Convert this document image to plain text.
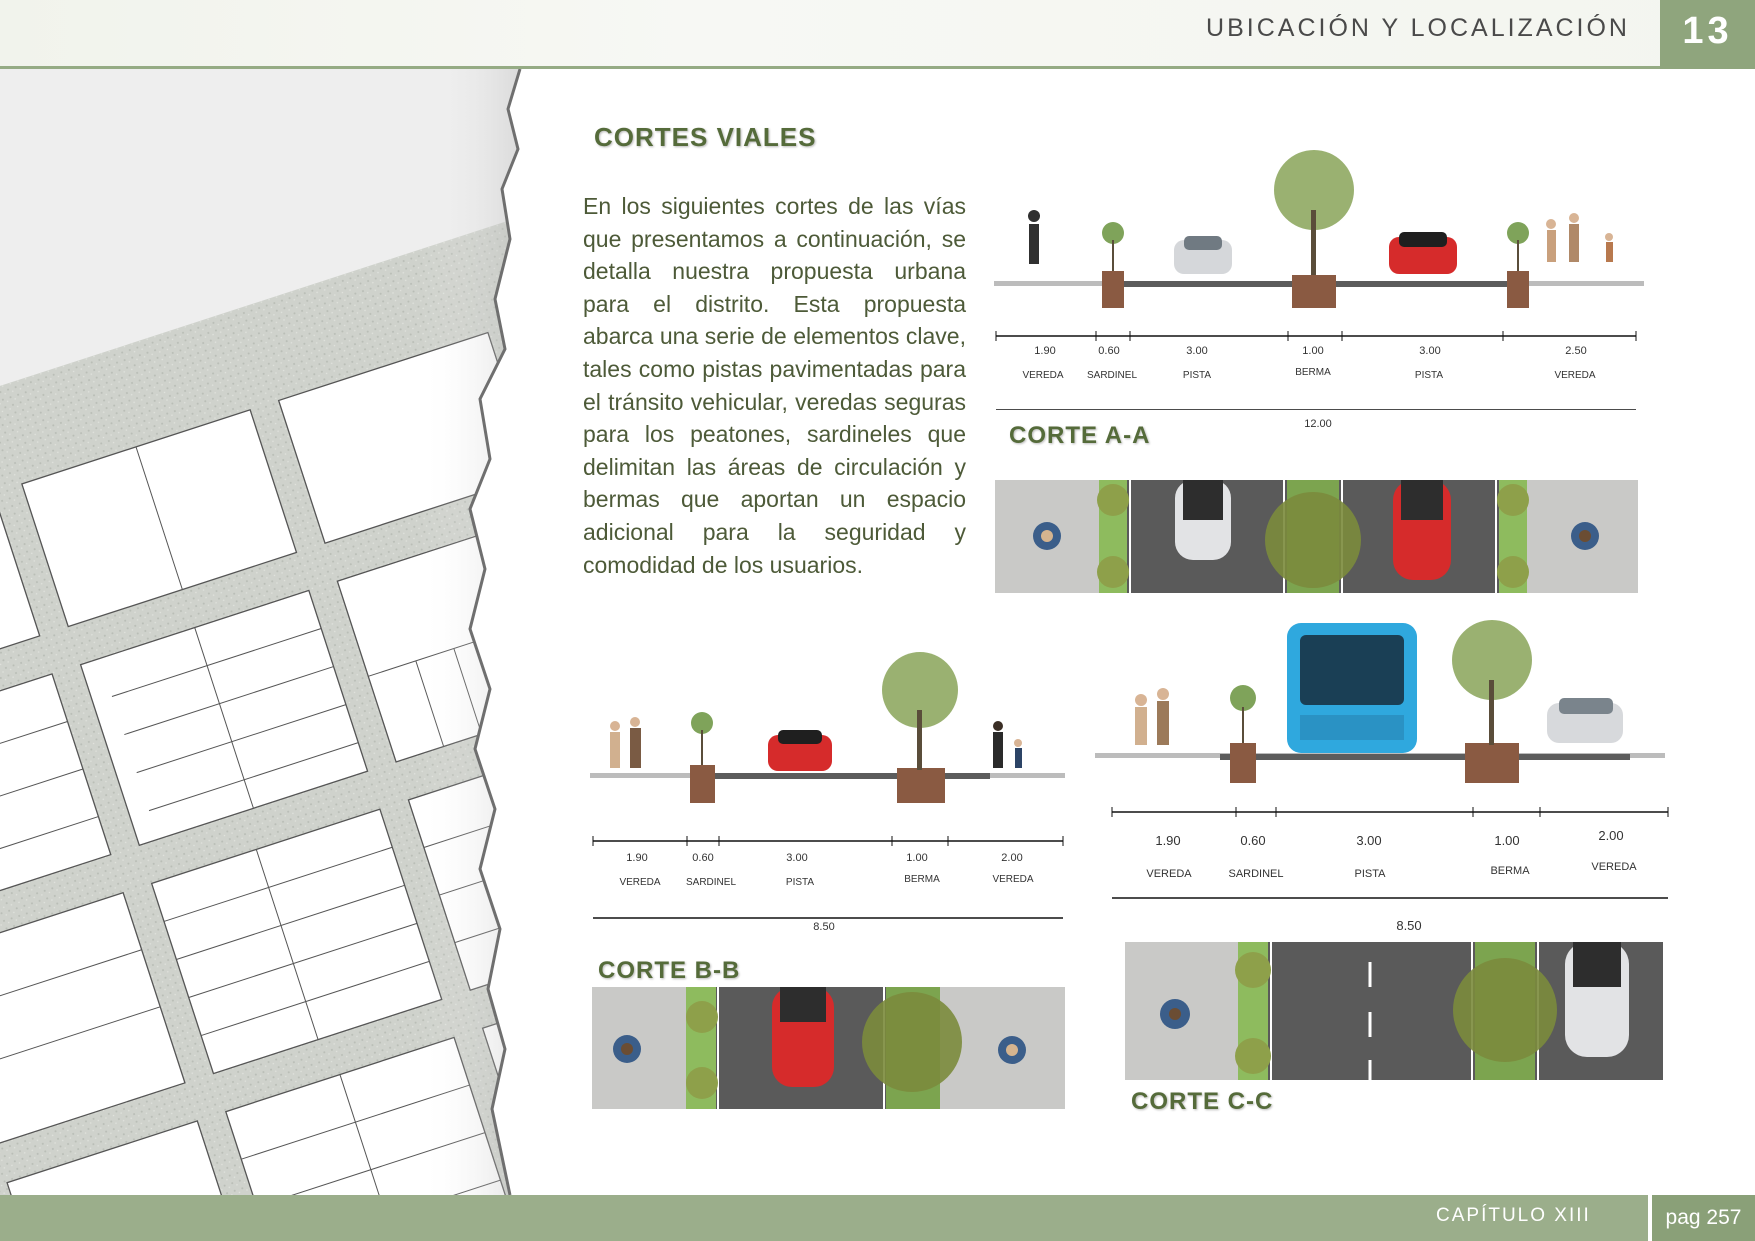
UBICACIÓN Y LOCALIZACIÓN	13
CORTES VIALES
En los siguientes cortes de las vías que presentamos a continuación, se detalla nuestra propuesta urbana para el distrito. Esta propuesta abarca una serie de elementos clave, tales como pistas pavimentadas para el tránsito vehicular, veredas seguras para los peatones, sardineles que delimitan las áreas de circulación y bermas que aportan un espacio adicional para la seguridad y comodidad de los usuarios.
1.90	0.60	3.00	1.00	3.00	2.50
VEREDA SARDINEL	PISTA	BERMA	PISTA	VEREDA
12.00
CORTE A-A
1.90	0.60	3.00	1.00	2.00
VEREDA	SARDINEL	PISTA	BERMA	VEREDA
8.50
CORTE B-B
1.90	0.60	3.00	1.00	2.00
VEREDA	SARDINEL	PISTA	BERMA	VEREDA
8.50
CORTE C-C
CAPÍTULO XIII	pag 257
